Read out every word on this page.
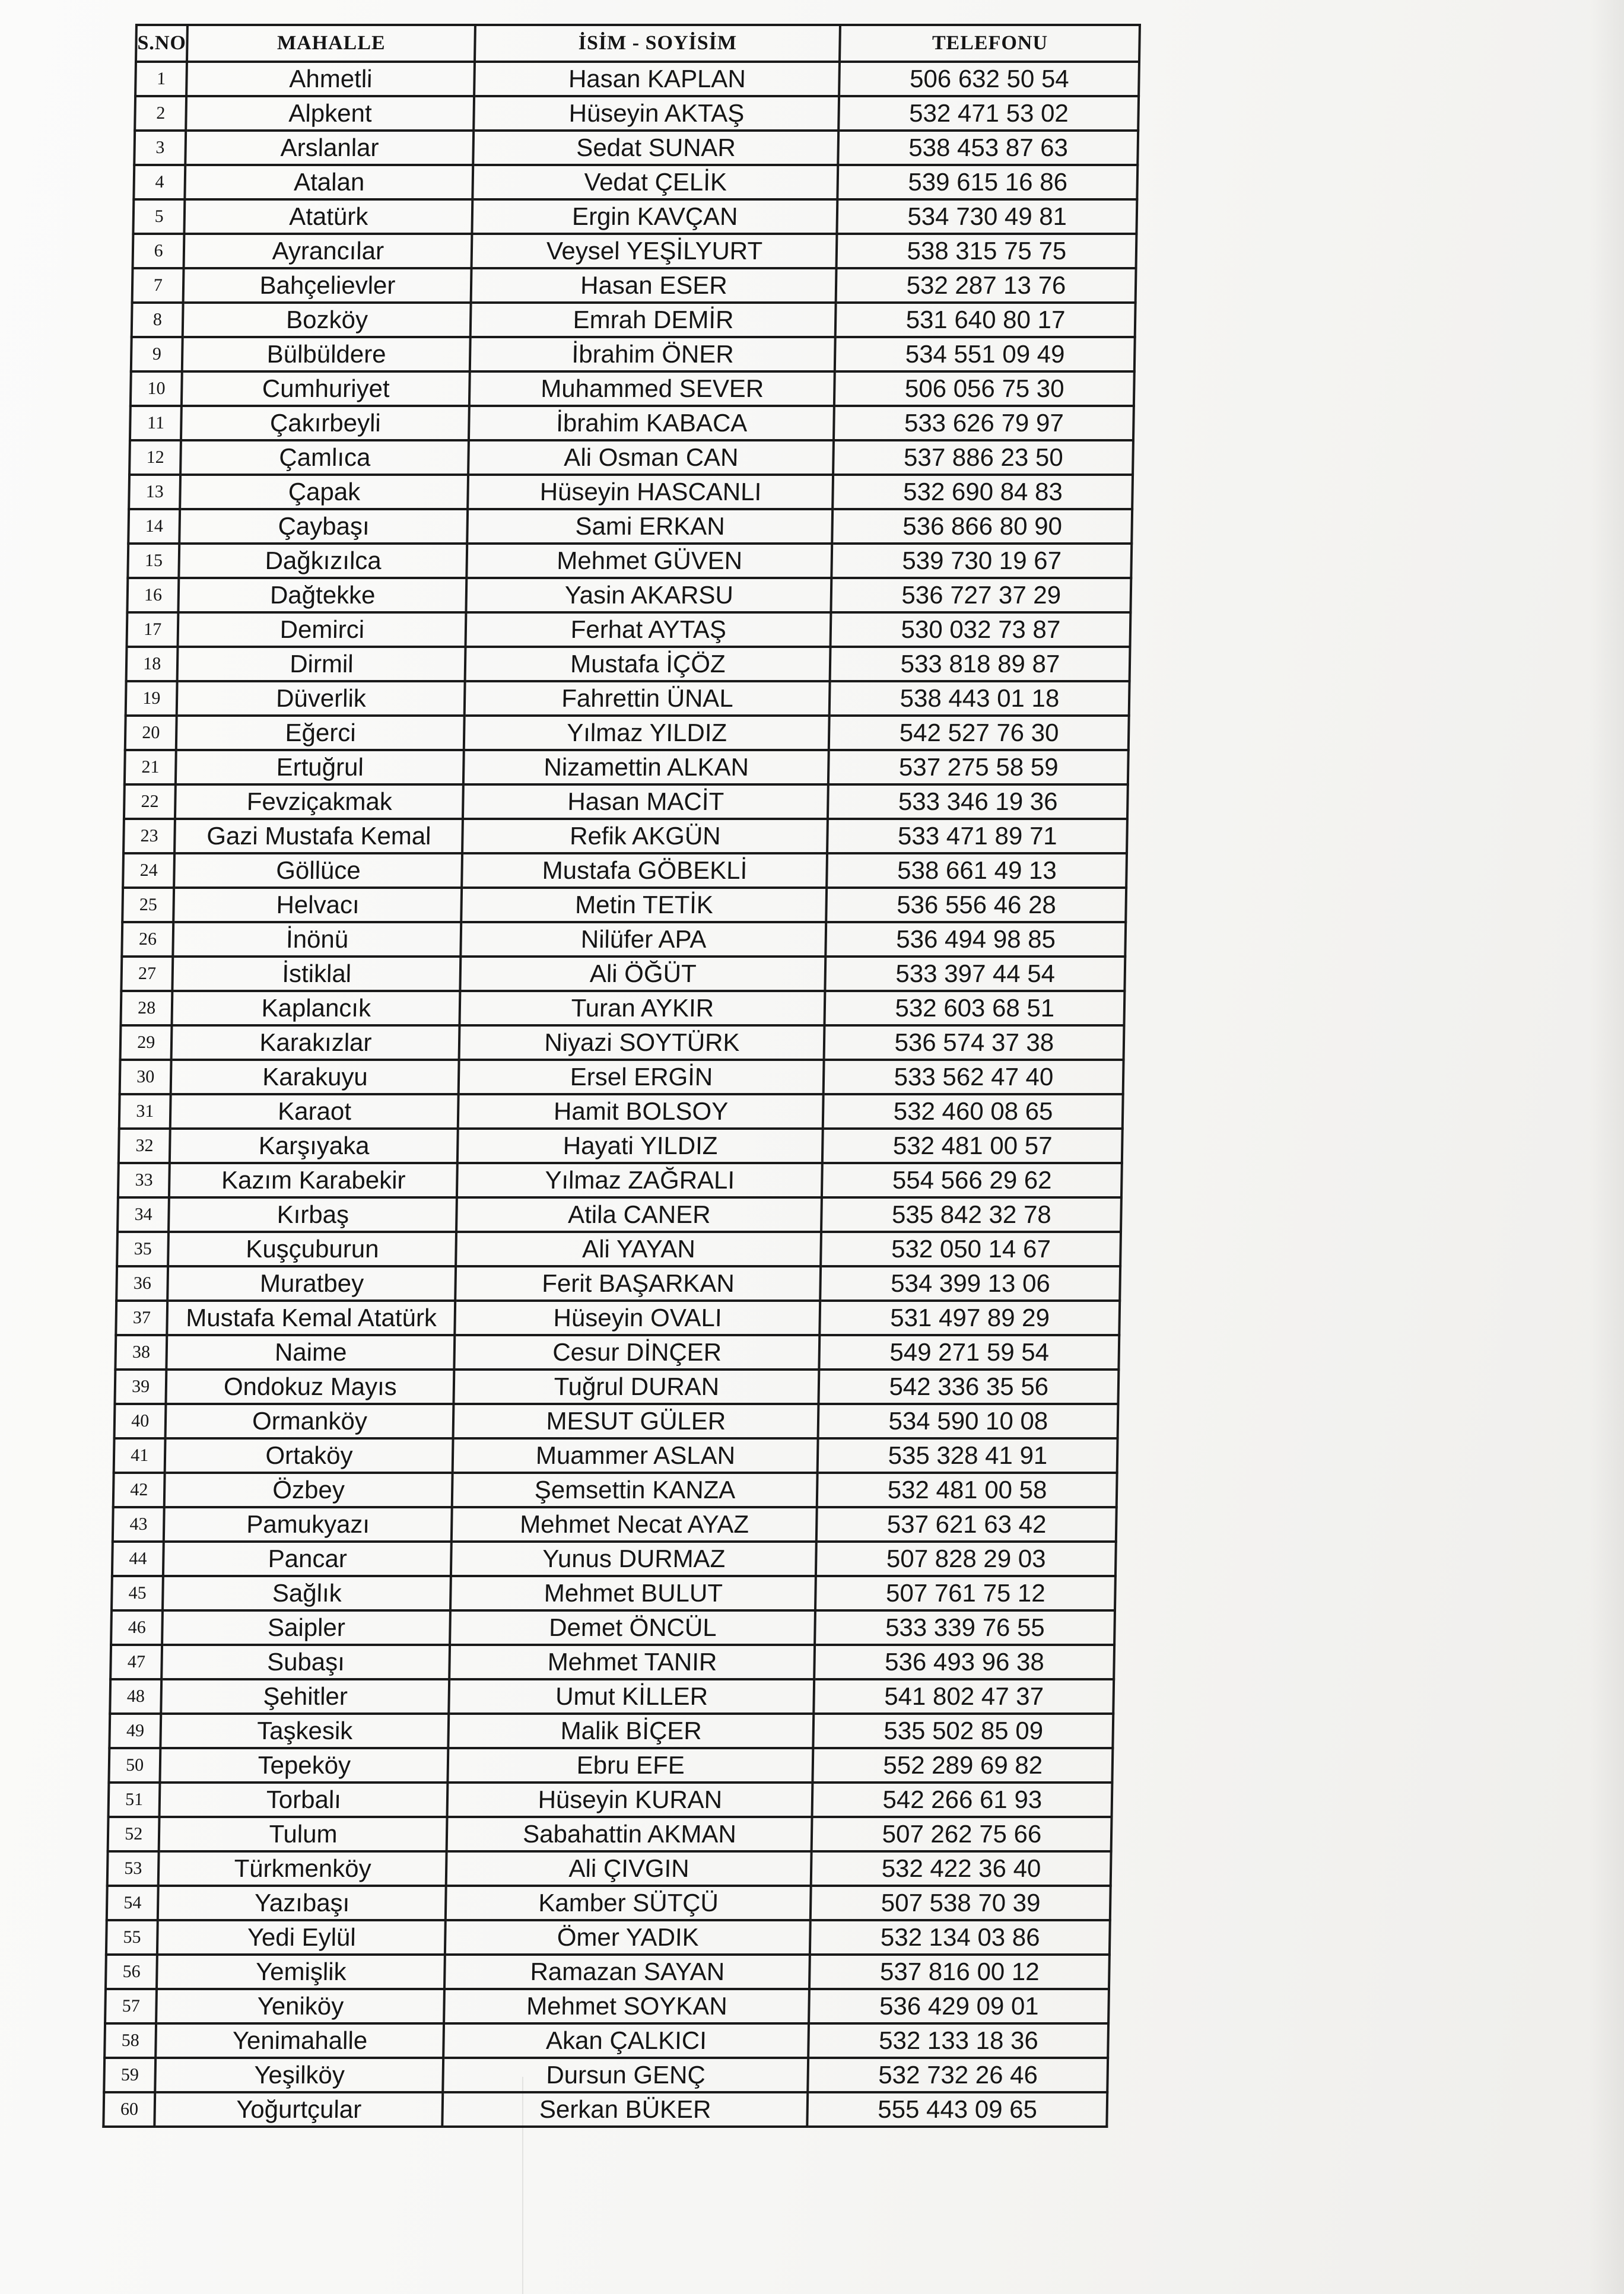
S.NO	MAHALLE	İSİM - SOYİSİM	TELEFONU
1	Ahmetli	Hasan KAPLAN	506 632 50 54
2	Alpkent	Hüseyin AKTAŞ	532 471 53 02
3	Arslanlar	Sedat SUNAR	538 453 87 63
4	Atalan	Vedat ÇELİK	539 615 16 86
5	Atatürk	Ergin KAVÇAN	534 730 49 81
6	Ayrancılar	Veysel YEŞİLYURT	538 315 75 75
7	Bahçelievler	Hasan ESER	532 287 13 76
8	Bozköy	Emrah DEMİR	531 640 80 17
9	Bülbüldere	İbrahim ÖNER	534 551 09 49
10	Cumhuriyet	Muhammed SEVER	506 056 75 30
11	Çakırbeyli	İbrahim KABACA	533 626 79 97
12	Çamlıca	Ali Osman CAN	537 886 23 50
13	Çapak	Hüseyin HASCANLI	532 690 84 83
14	Çaybaşı	Sami ERKAN	536 866 80 90
15	Dağkızılca	Mehmet GÜVEN	539 730 19 67
16	Dağtekke	Yasin AKARSU	536 727 37 29
17	Demirci	Ferhat AYTAŞ	530 032 73 87
18	Dirmil	Mustafa İÇÖZ	533 818 89 87
19	Düverlik	Fahrettin ÜNAL	538 443 01 18
20	Eğerci	Yılmaz YILDIZ	542 527 76 30
21	Ertuğrul	Nizamettin ALKAN	537 275 58 59
22	Fevziçakmak	Hasan MACİT	533 346 19 36
23	Gazi Mustafa Kemal	Refik AKGÜN	533 471 89 71
24	Göllüce	Mustafa GÖBEKLİ	538 661 49 13
25	Helvacı	Metin TETİK	536 556 46 28
26	İnönü	Nilüfer APA	536 494 98 85
27	İstiklal	Ali ÖĞÜT	533 397 44 54
28	Kaplancık	Turan AYKIR	532 603 68 51
29	Karakızlar	Niyazi SOYTÜRK	536 574 37 38
30	Karakuyu	Ersel ERGİN	533 562 47 40
31	Karaot	Hamit BOLSOY	532 460 08 65
32	Karşıyaka	Hayati YILDIZ	532 481 00 57
33	Kazım Karabekir	Yılmaz ZAĞRALI	554 566 29 62
34	Kırbaş	Atila CANER	535 842 32 78
35	Kuşçuburun	Ali YAYAN	532 050 14 67
36	Muratbey	Ferit BAŞARKAN	534 399 13 06
37	Mustafa Kemal Atatürk	Hüseyin OVALI	531 497 89 29
38	Naime	Cesur DİNÇER	549 271 59 54
39	Ondokuz Mayıs	Tuğrul DURAN	542 336 35 56
40	Ormanköy	MESUT GÜLER	534 590 10 08
41	Ortaköy	Muammer ASLAN	535 328 41 91
42	Özbey	Şemsettin KANZA	532 481 00 58
43	Pamukyazı	Mehmet Necat AYAZ	537 621 63 42
44	Pancar	Yunus DURMAZ	507 828 29 03
45	Sağlık	Mehmet BULUT	507 761 75 12
46	Saipler	Demet ÖNCÜL	533 339 76 55
47	Subaşı	Mehmet TANIR	536 493 96 38
48	Şehitler	Umut KİLLER	541 802 47 37
49	Taşkesik	Malik BİÇER	535 502 85 09
50	Tepeköy	Ebru EFE	552 289 69 82
51	Torbalı	Hüseyin KURAN	542 266 61 93
52	Tulum	Sabahattin AKMAN	507 262 75 66
53	Türkmenköy	Ali ÇIVGIN	532 422 36 40
54	Yazıbaşı	Kamber SÜTÇÜ	507 538 70 39
55	Yedi Eylül	Ömer YADIK	532 134 03 86
56	Yemişlik	Ramazan SAYAN	537 816 00 12
57	Yeniköy	Mehmet SOYKAN	536 429 09 01
58	Yenimahalle	Akan ÇALKICI	532 133 18 36
59	Yeşilköy	Dursun GENÇ	532 732 26 46
60	Yoğurtçular	Serkan BÜKER	555 443 09 65
